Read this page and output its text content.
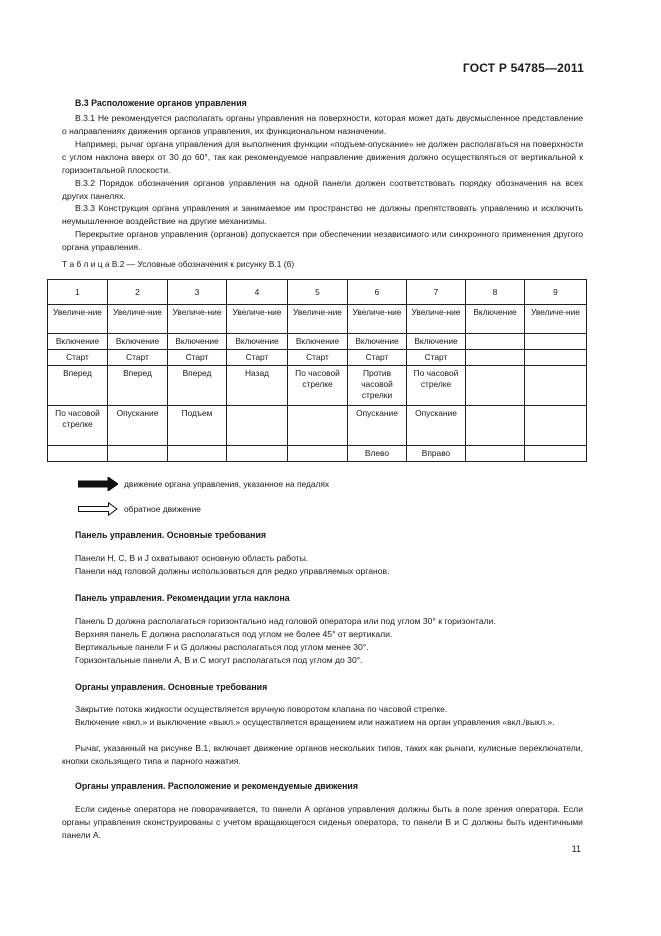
ГОСТ Р 54785—2011
В.3 Расположение органов управления
В.3.1 Не рекомендуется располагать органы управления на поверхности, которая может дать двусмысленное представление о направлениях движения органов управления, их функциональном назначении.
Например, рычаг органа управления для выполнения функции «подъем-опускание» не должен располагаться на поверхности с углом наклона вверх от 30 до 60°, так как рекомендуемое направление движения должно осуществляться от вертикальной к горизонтальной плоскости.
В.3.2 Порядок обозначения органов управления на одной панели должен соответствовать порядку обозначения на всех других панелях.
В.3.3 Конструкция органа управления и занимаемое им пространство не должны препятствовать управлению и исключить неумышленное воздействие на другие механизмы.
Перекрытие органов управления (органов) допускается при обеспечении независимого или синхронного применения другого органа управления.
Т а б л и ц а В.2 — Условные обозначения к рисунку В.1 (б)
1	2	3	4	5	6	7	8	9
Увеличе-ние	Увеличе-ние	Увеличе-ние	Увеличе-ние	Увеличе-ние	Увеличе-ние	Увеличе-ние	Включение	Увеличе-ние
Включение	Включение	Включение	Включение	Включение	Включение	Включение		
Старт	Старт	Старт	Старт	Старт	Старт	Старт		
Вперед	Вперед	Вперед	Назад	По часовой стрелке	Против часовой стрелки	По часовой стрелке		
По часовой стрелке	Опускание	Подъем			Опускание	Опускание		
					Влево	Вправо		
движение органа управления, указанное на педалях
обратное движение
Панель управления. Основные требования
Панели H, C, B и J охватывают основную область работы.
Панели над головой должны использоваться для редко управляемых органов.
Панель управления. Рекомендации угла наклона
Панель D должна располагаться горизонтально над головой оператора или под углом 30° к горизонтали.
Верхняя панель Е должна располагаться под углом не более 45° от вертикали.
Вертикальные панели F и G должны располагаться под углом менее 30°.
Горизонтальные панели A, B и C могут располагаться под углом до 30°.
Органы управления. Основные требования
Закрытие потока жидкости осуществляется вручную поворотом клапана по часовой стрелке.
Включение «вкл.» и выключение «выкл.» осуществляется вращением или нажатием на орган управления «вкл./выкл.».
Рычаг, указанный на рисунке В.1, включает движение органов нескольких типов, таких как рычаги, кулисные переключатели, кнопки скользящего типа и парного нажатия.
Органы управления. Расположение и рекомендуемые движения
Если сиденье оператора не поворачивается, то панели А органов управления должны быть в поле зрения оператора. Если органы управления сконструированы с учетом вращающегося сиденья оператора, то панели В и С должны быть идентичными панели А.
11
